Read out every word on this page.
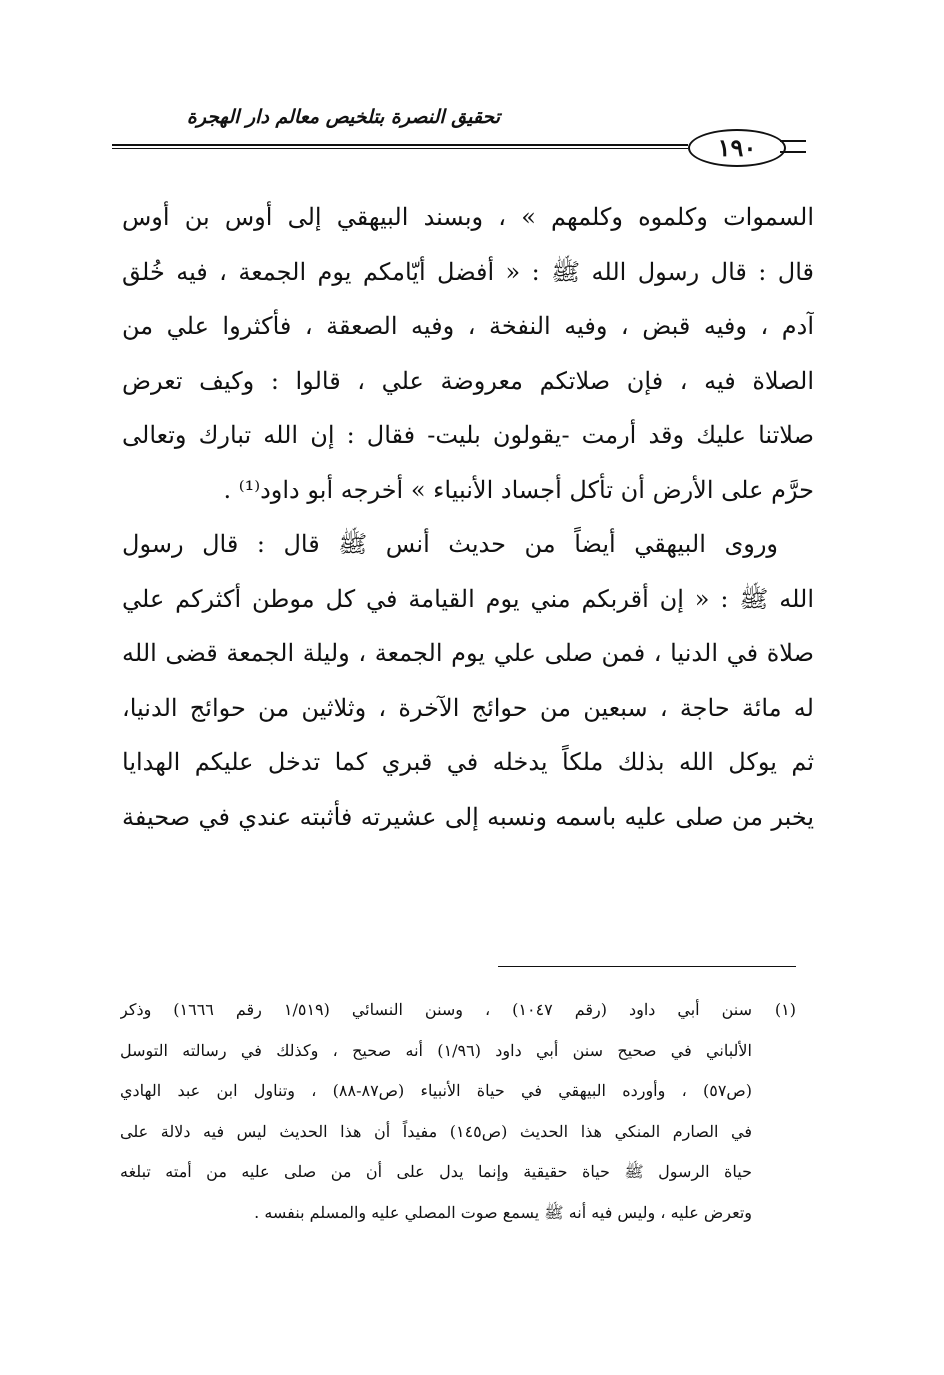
تحقيق النصرة بتلخيص معالم دار الهجرة
١٩٠
السموات وكلموه وكلمهم » ، وبسند البيهقي إلى أوس بن أوس
قال : قال رسول الله ﷺ : « أفضل أيّامكم يوم الجمعة ، فيه خُلق
آدم ، وفيه قبض ، وفيه النفخة ، وفيه الصعقة ، فأكثروا علي من
الصلاة فيه ، فإن صلاتكم معروضة علي ، قالوا : وكيف تعرض
صلاتنا عليك وقد أرمت -يقولون بليت- فقال : إن الله تبارك وتعالى
حرَّم على الأرض أن تأكل أجساد الأنبياء » أخرجه أبو داود⁽¹⁾ .
وروى البيهقي أيضاً من حديث أنس ﷺ قال : قال رسول
الله ﷺ : « إن أقربكم مني يوم القيامة في كل موطن أكثركم علي
صلاة في الدنيا ، فمن صلى علي يوم الجمعة ، وليلة الجمعة قضى الله
له مائة حاجة ، سبعين من حوائج الآخرة ، وثلاثين من حوائج الدنيا،
ثم يوكل الله بذلك ملكاً يدخله في قبري كما تدخل عليكم الهدايا
يخبر من صلى عليه باسمه ونسبه إلى عشيرته فأثبته عندي في صحيفة
(١)سنن أبي داود (رقم ١٠٤٧) ، وسنن النسائي (١/٥١٩ رقم ١٦٦٦) وذكر
الألباني في صحيح سنن أبي داود (١/٩٦) أنه صحيح ، وكذلك في رسالته التوسل
(ص٥٧) ، وأورده البيهقي في حياة الأنبياء (ص٨٧-٨٨) ، وتناول ابن عبد الهادي
في الصارم المنكي هذا الحديث (ص١٤٥) مفيداً أن هذا الحديث ليس فيه دلالة على
حياة الرسول ﷺ حياة حقيقية وإنما يدل على أن من صلى عليه من أمته تبلغه
وتعرض عليه ، وليس فيه أنه ﷺ يسمع صوت المصلي عليه والمسلم بنفسه .
